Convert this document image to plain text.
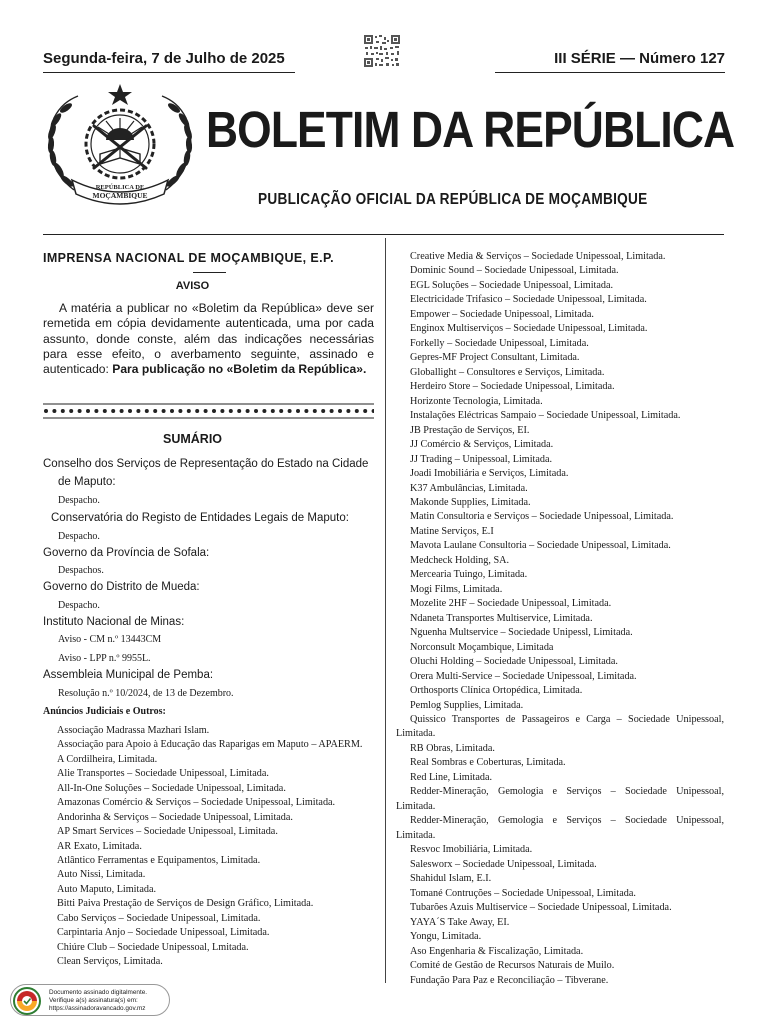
Segunda-feira, 7 de Julho de 2025	III SÉRIE — Número 127
REPÚBLICA DE
MOÇAMBIQUE
BOLETIM DA REPÚBLICA
PUBLICAÇÃO OFICIAL DA REPÚBLICA DE MOÇAMBIQUE
IMPRENSA NACIONAL DE MOÇAMBIQUE, E.P.
AVISO

A matéria a publicar no «Boletim da República» deve ser remetida em cópia devidamente autenticada, uma por cada assunto, donde conste, além das indicações necessárias para esse efeito, o averbamento seguinte, assinado e autenticado: Para publicação no «Boletim da República».

SUMÁRIO
Conselho dos Serviços de Representação do Estado na Cidade
de Maputo:
Despacho.
Conservatória do Registo de Entidades Legais de Maputo:
Despacho.
Governo da Província de Sofala:
Despachos.
Governo do Distrito de Mueda:
Despacho.
Instituto Nacional de Minas:
Aviso - CM n.º 13443CM
Aviso - LPP n.º 9955L.
Assembleia Municipal de Pemba:
Resolução n.º 10/2024, de 13 de Dezembro.
Anúncios Judiciais e Outros:
Associação Madrassa Mazhari Islam.
Associação para Apoio à Educação das Raparigas em Maputo – APAERM.
A Cordilheira, Limitada.
Alie Transportes – Sociedade Unipessoal, Limitada.
All-In-One Soluções – Sociedade Unipessoal, Limitada.
Amazonas Comércio & Serviços – Sociedade Unipessoal, Limitada.
Andorinha & Serviços – Sociedade Unipessoal, Limitada.
AP Smart Services – Sociedade Unipessoal, Limitada.
AR Exato, Limitada.
Atlântico Ferramentas e Equipamentos, Limitada.
Auto Nissi, Limitada.
Auto Maputo, Limitada.
Bitti Paiva Prestação de Serviços de Design Gráfico, Limitada.
Cabo Serviços – Sociedade Unipessoal, Limitada.
Carpintaria Anjo – Sociedade Unipessoal, Limitada.
Chiúre Club – Sociedade Unipessoal, Lmitada.
Clean Serviços, Limitada.
Creative Media & Serviços – Sociedade Unipessoal, Limitada.
Dominic Sound – Sociedade Unipessoal, Limitada.
EGL Soluções – Sociedade Unipessoal, Limitada.
Electricidade Trifasico – Sociedade Unipessoal, Limitada.
Empower – Sociedade Unipessoal, Limitada.
Enginox Multiserviços – Sociedade Unipessoal, Limitada.
Forkelly – Sociedade Unipessoal, Limitada.
Gepres-MF Project Consultant, Limitada.
Globallight – Consultores e Serviços, Limitada.
Herdeiro Store – Sociedade Unipessoal, Limitada.
Horizonte Tecnologia, Limitada.
Instalações Eléctricas Sampaio – Sociedade Unipessoal, Limitada.
JB Prestação de Serviços, EI.
JJ Comércio & Serviços, Limitada.
JJ Trading – Unipessoal, Limitada.
Joadi Imobiliária e Serviços, Limitada.
K37 Ambulâncias, Limitada.
Makonde Supplies, Limitada.
Matin Consultoria e Serviços – Sociedade Unipessoal, Limitada.
Matine Serviços, E.I
Mavota Laulane Consultoria – Sociedade Unipessoal, Limitada.
Medcheck Holding, SA.
Mercearia Tuingo, Limitada.
Mogi Films, Limitada.
Mozelite 2HF – Sociedade Unipessoal, Limitada.
Ndaneta Transportes Multiservice, Limitada.
Nguenha Multservice – Sociedade Unipessl, Limitada.
Norconsult Moçambique, Limitada
Oluchi Holding – Sociedade Unipessoal, Limitada.
Orera Multi-Service – Sociedade Unipessoal, Limitada.
Orthosports Clínica Ortopédica, Limitada.
Pemlog Supplies, Limitada.
Quissico Transportes de Passageiros e Carga – Sociedade Unipessoal, Limitada.
RB Obras, Limitada.
Real Sombras e Coberturas, Limitada.
Red Line, Limitada.
Redder-Mineração, Gemologia e Serviços – Sociedade Unipessoal, Limitada.
Redder-Mineração, Gemologia e Serviços – Sociedade Unipessoal, Limitada.
Resvoc Imobiliária, Limitada.
Salesworx – Sociedade Unipessoal, Limitada.
Shahidul Islam, E.I.
Tomané Contruções – Sociedade Unipessoal, Limitada.
Tubarões Azuis Multiservice – Sociedade Unipessoal, Limitada.
YAYA´S Take Away, EI.
Yongu, Limitada.
Aso Engenharia & Fiscalização, Limitada.
Comité de Gestão de Recursos Naturais de Muilo.
Fundação Para Paz e Reconciliação – Tibverane.
Documento assinado digitalmente.
Verifique a(s) assinatura(s) em:
https://assinadoravancado.gov.mz
